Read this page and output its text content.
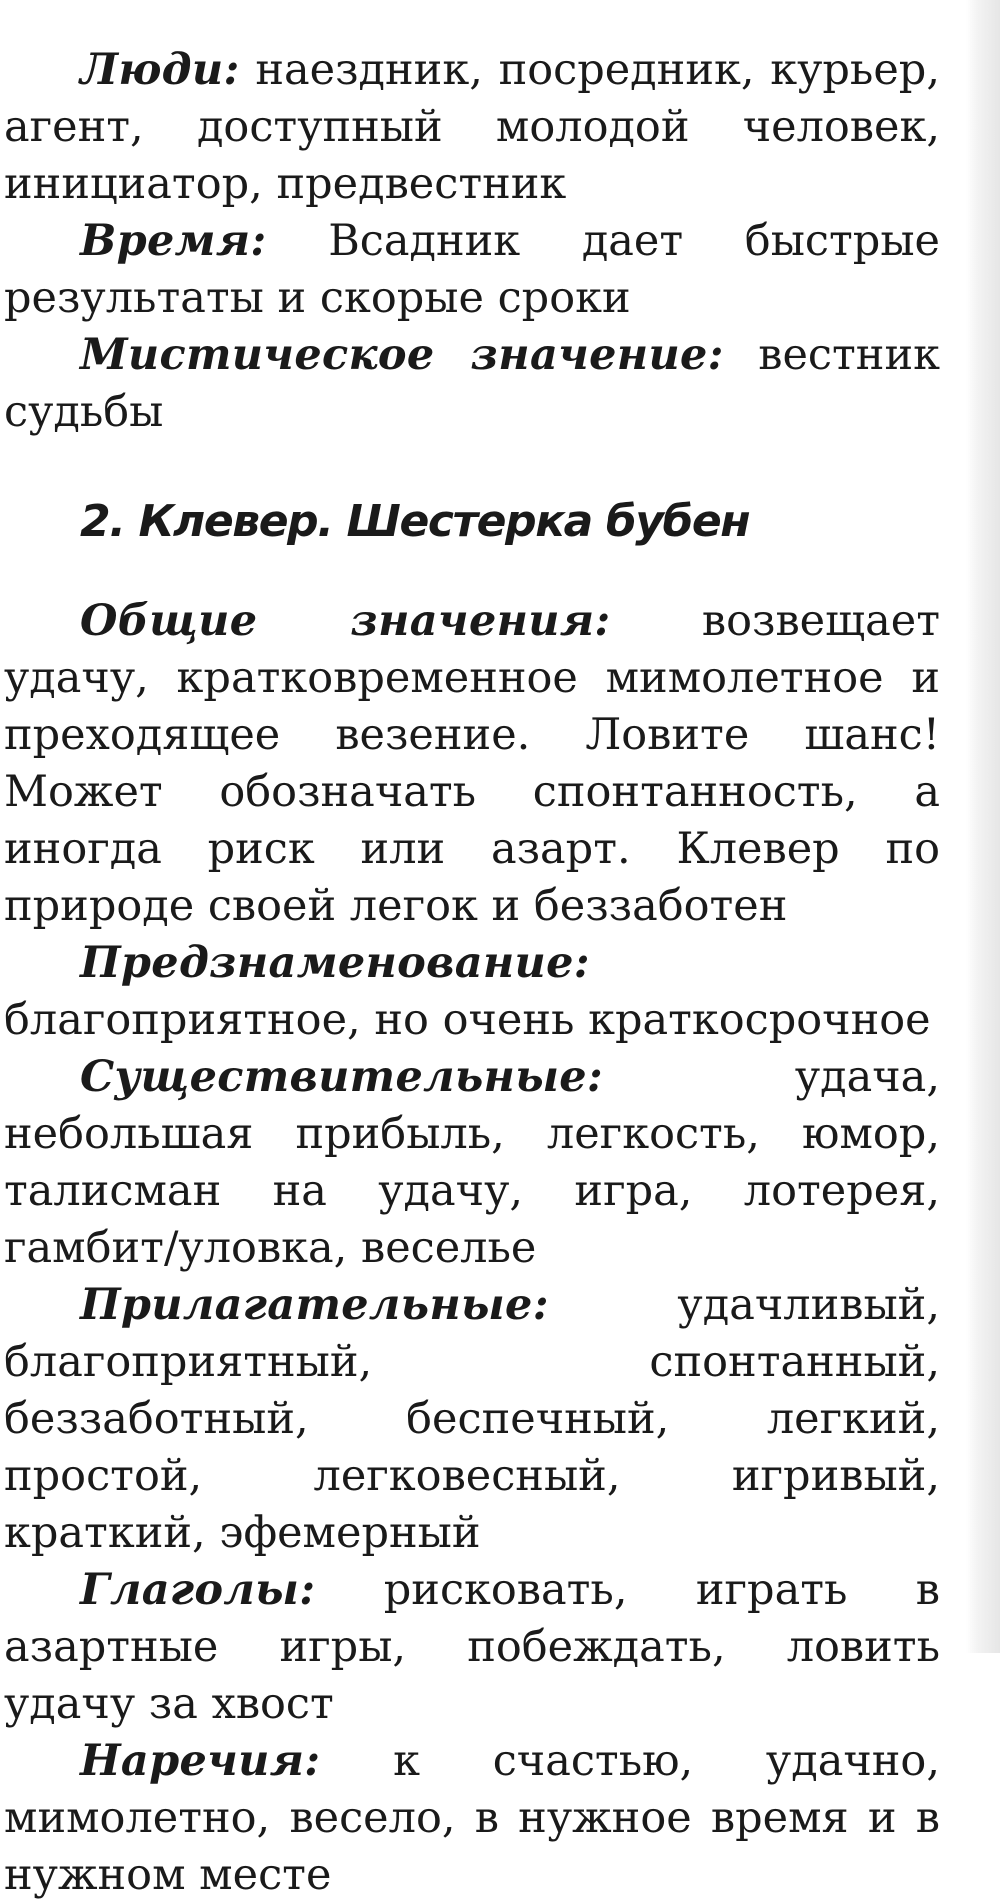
Люди: наездник, посредник, курьер, агент, доступный молодой человек, инициатор, предвестник

Время: Всадник дает быстрые результаты и скорые сроки

Мистическое значение: вестник судьбы

2. Клевер. Шестерка бубен

Общие значения: возвещает удачу, кратковременное мимолетное и преходящее везение. Ловите шанс! Может обозначать спонтанность, а иногда риск или азарт. Клевер по природе своей легок и беззаботен

Предзнаменование: благоприятное, но очень краткосрочное

Существительные: удача, небольшая прибыль, легкость, юмор, талисман на удачу, игра, лотерея, гамбит/уловка, веселье

Прилагательные: удачливый, благоприятный, спонтанный, беззаботный, беспечный, легкий, простой, легковесный, игривый, краткий, эфемерный

Глаголы: рисковать, играть в азартные игры, побеждать, ловить удачу за хвост

Наречия: к счастью, удачно, мимолетно, весело, в нужное время и в нужном месте
